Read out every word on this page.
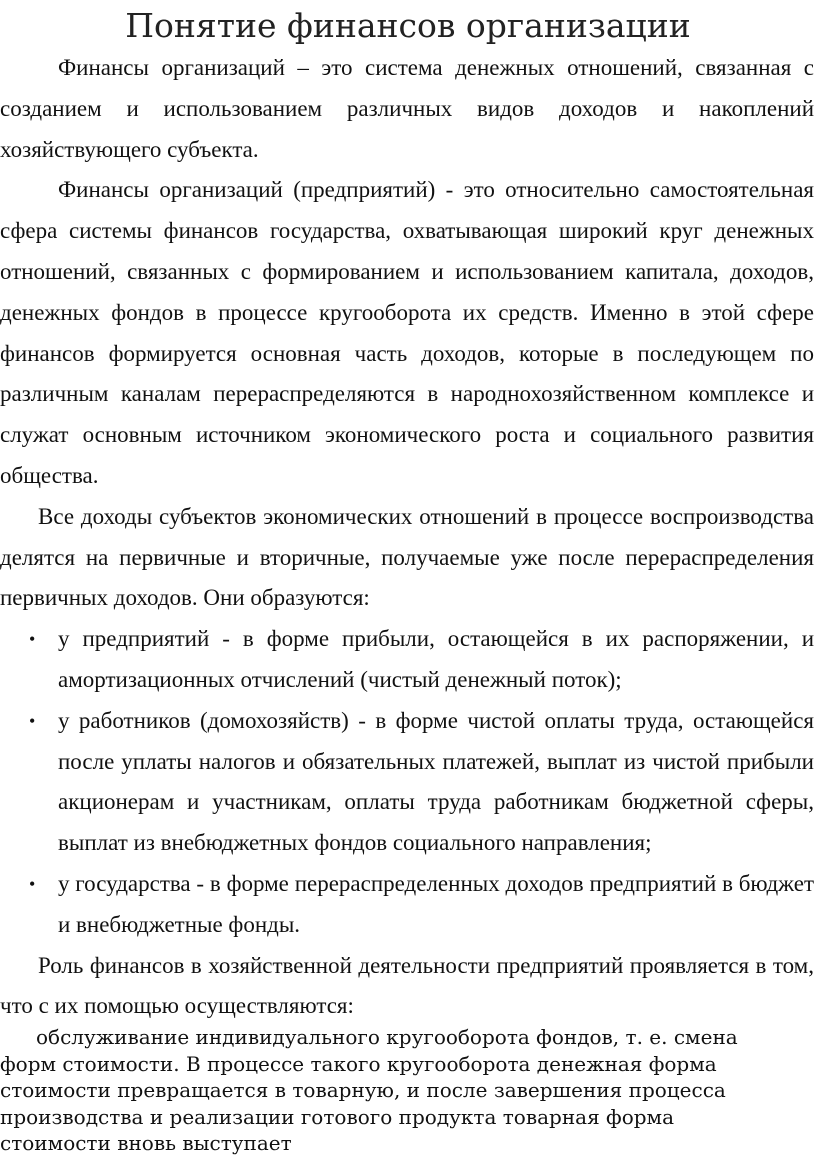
Понятие финансов организации

Финансы организаций – это система денежных отношений, связанная с созданием и использованием различных видов доходов и накоплений хозяйствующего субъекта.

Финансы организаций (предприятий) - это относительно самостоятельная сфера системы финансов государства, охватывающая широкий круг денежных отношений, связанных с формированием и использованием капитала, доходов, денежных фондов в процессе кругооборота их средств. Именно в этой сфере финансов формируется основная часть доходов, которые в последующем по различным каналам перераспределяются в народнохозяйственном комплексе и служат основным источником экономического роста и социального развития общества.

Все доходы субъектов экономических отношений в процессе воспроизводства делятся на первичные и вторичные, получаемые уже после перераспределения первичных доходов. Они образуются:

• у предприятий - в форме прибыли, остающейся в их распоряжении, и амортизационных отчислений (чистый денежный поток);
• у работников (домохозяйств) - в форме чистой оплаты труда, остающейся после уплаты налогов и обязательных платежей, выплат из чистой прибыли акционерам и участникам, оплаты труда работникам бюджетной сферы, выплат из внебюджетных фондов социального направления;
• у государства - в форме перераспределенных доходов предприятий в бюджет и внебюджетные фонды.

Роль финансов в хозяйственной деятельности предприятий проявляется в том, что с их помощью осуществляются:

обслуживание индивидуального кругооборота фондов, т. е. смена форм стоимости. В процессе такого кругооборота денежная форма стоимости превращается в товарную, и после завершения процесса производства и реализации готового продукта товарная форма стоимости вновь выступает
